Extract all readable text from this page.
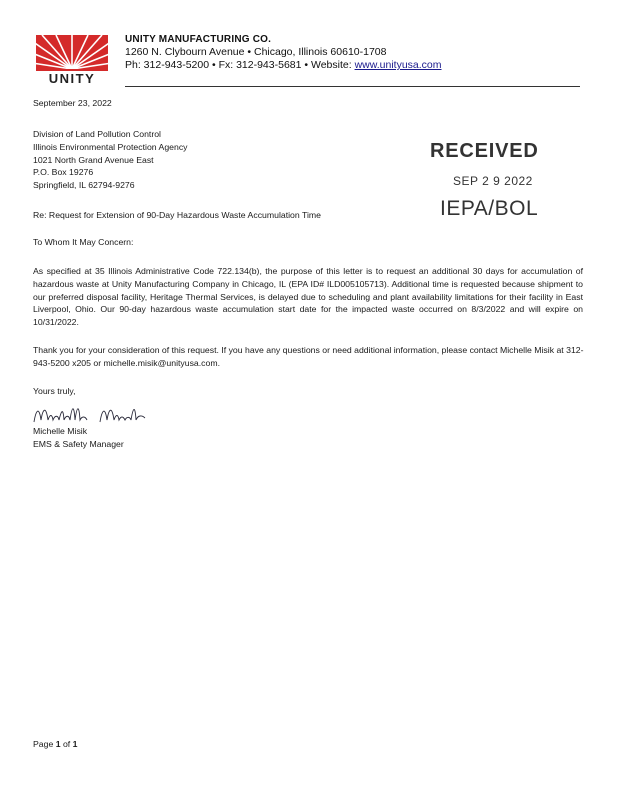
UNITY
UNITY MANUFACTURING CO.
1260 N. Clybourn Avenue • Chicago, Illinois 60610-1708
Ph: 312-943-5200 • Fx: 312-943-5681 • Website: www.unityusa.com
September 23, 2022
Division of Land Pollution Control
Illinois Environmental Protection Agency
1021 North Grand Avenue East
P.O. Box 19276
Springfield, IL 62794-9276
RECEIVED
SEP 2 9 2022
IEPA/BOL
Re: Request for Extension of 90-Day Hazardous Waste Accumulation Time
To Whom It May Concern:
As specified at 35 Illinois Administrative Code 722.134(b), the purpose of this letter is to request an additional 30 days for accumulation of hazardous waste at Unity Manufacturing Company in Chicago, IL (EPA ID# ILD005105713). Additional time is requested because shipment to our preferred disposal facility, Heritage Thermal Services, is delayed due to scheduling and plant availability limitations for their facility in East Liverpool, Ohio. Our 90-day hazardous waste accumulation start date for the impacted waste occurred on 8/3/2022 and will expire on 10/31/2022.
Thank you for your consideration of this request. If you have any questions or need additional information, please contact Michelle Misik at 312-943-5200 x205 or michelle.misik@unityusa.com.
Yours truly,
Michelle Misik
EMS & Safety Manager
Page 1 of 1
